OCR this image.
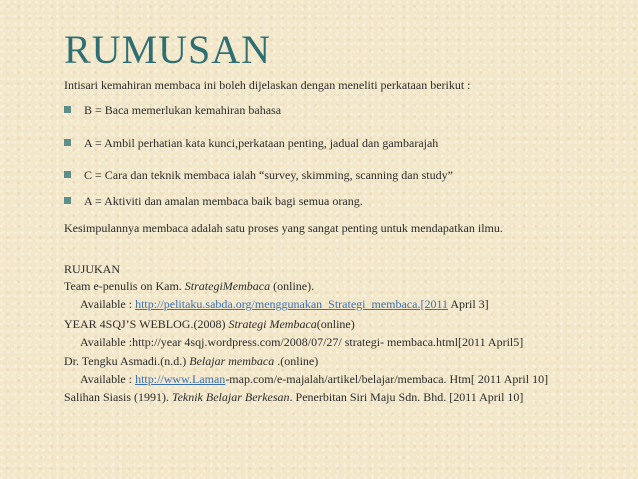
RUMUSAN
Intisari kemahiran membaca ini boleh dijelaskan dengan meneliti perkataan berikut :
B = Baca memerlukan kemahiran bahasa
A = Ambil perhatian kata kunci,perkataan penting, jadual dan gambarajah
C = Cara dan teknik membaca ialah “survey, skimming, scanning dan study”
A = Aktiviti dan amalan membaca baik bagi semua orang.
Kesimpulannya membaca adalah satu proses yang sangat penting untuk mendapatkan ilmu.
RUJUKAN
Team e-penulis on Kam. StrategiMembaca (online).
Available : http://pelitaku.sabda.org/menggunakan_Strategi_membaca.[2011 April 3]
YEAR 4SQJ’S WEBLOG.(2008) Strategi Membaca(online)
Available :http://year 4sqj.wordpress.com/2008/07/27/ strategi- membaca.html[2011 April5]
Dr. Tengku Asmadi.(n.d.) Belajar membaca .(online)
Available : http://www.Laman-map.com/e-majalah/artikel/belajar/membaca. Htm[ 2011 April 10]
Salihan Siasis (1991). Teknik Belajar Berkesan. Penerbitan Siri Maju Sdn. Bhd. [2011 April 10]
